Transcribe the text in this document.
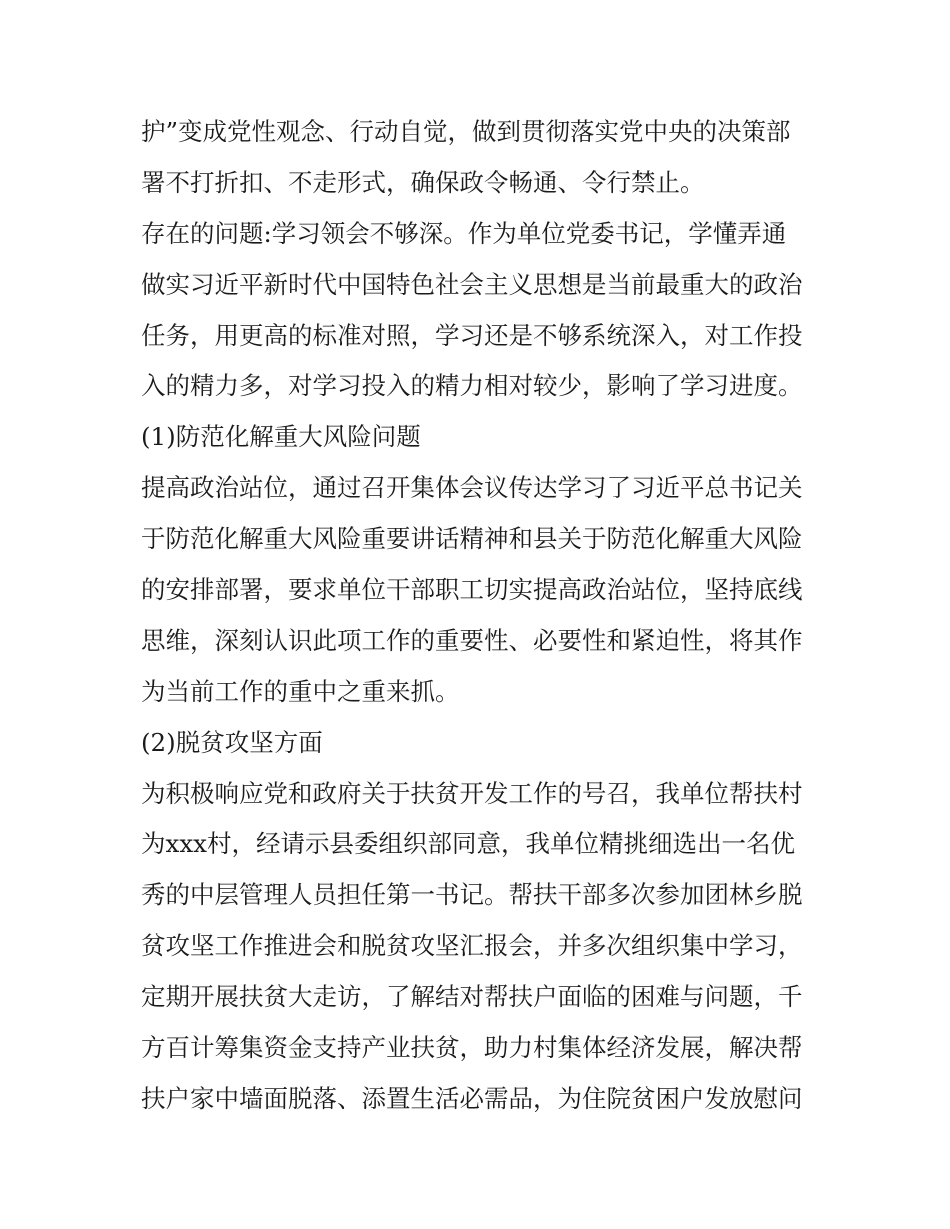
护”变成党性观念、行动自觉，做到贯彻落实党中央的决策部
署不打折扣、不走形式，确保政令畅通、令行禁止。
存在的问题:学习领会不够深。作为单位党委书记，学懂弄通
做实习近平新时代中国特色社会主义思想是当前最重大的政治
任务，用更高的标准对照，学习还是不够系统深入，对工作投
入的精力多，对学习投入的精力相对较少，影响了学习进度。
(1)防范化解重大风险问题
提高政治站位，通过召开集体会议传达学习了习近平总书记关
于防范化解重大风险重要讲话精神和县关于防范化解重大风险
的安排部署，要求单位干部职工切实提高政治站位，坚持底线
思维，深刻认识此项工作的重要性、必要性和紧迫性，将其作
为当前工作的重中之重来抓。
(2)脱贫攻坚方面
为积极响应党和政府关于扶贫开发工作的号召，我单位帮扶村
为xxx村，经请示县委组织部同意，我单位精挑细选出一名优
秀的中层管理人员担任第一书记。帮扶干部多次参加团林乡脱
贫攻坚工作推进会和脱贫攻坚汇报会，并多次组织集中学习，
定期开展扶贫大走访，了解结对帮扶户面临的困难与问题，千
方百计筹集资金支持产业扶贫，助力村集体经济发展，解决帮
扶户家中墙面脱落、添置生活必需品，为住院贫困户发放慰问
